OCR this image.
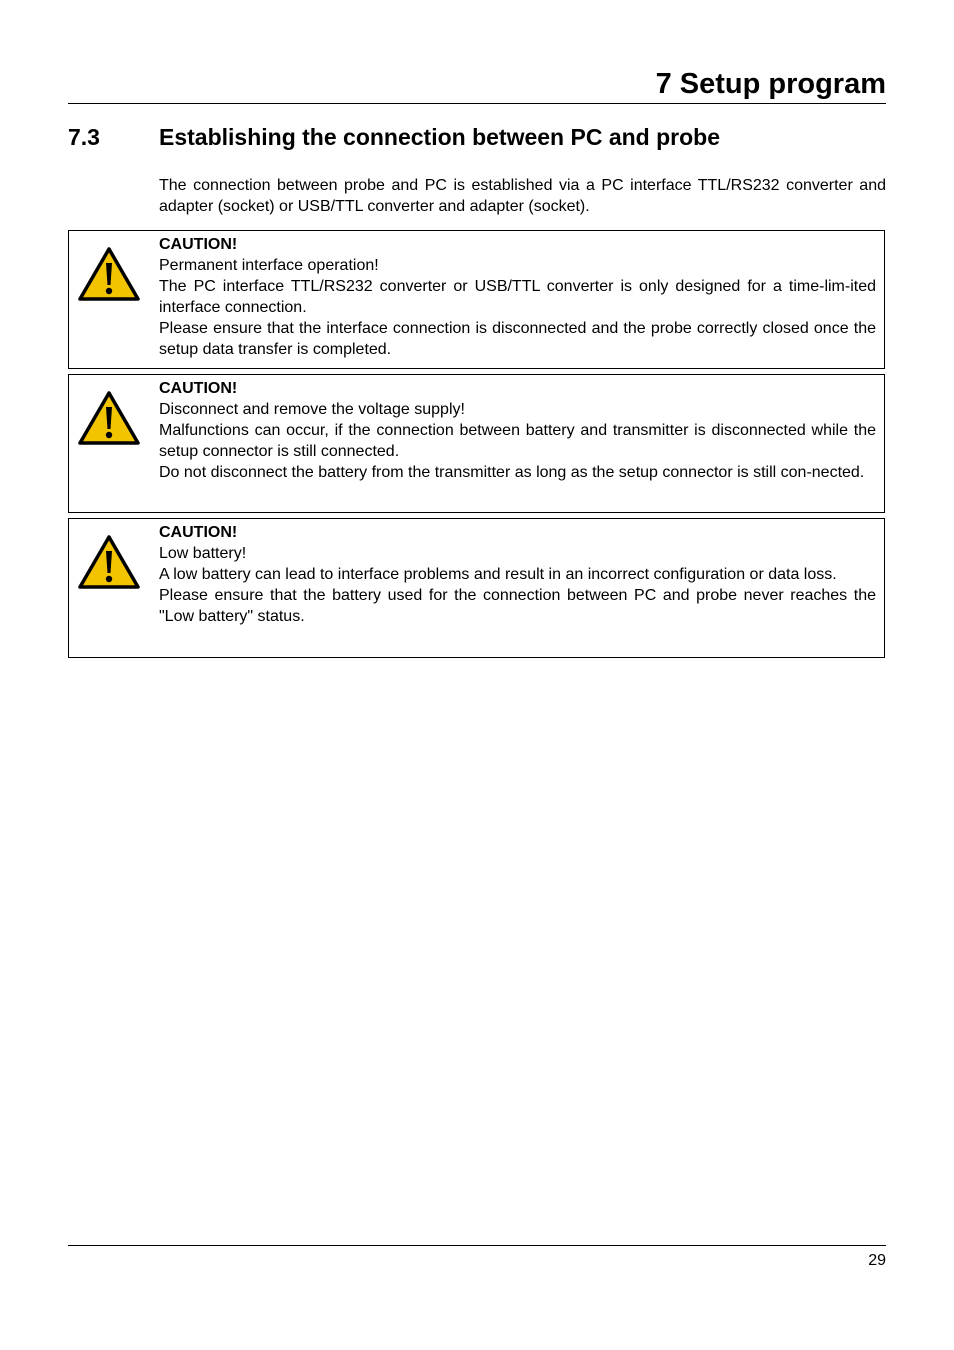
7 Setup program
7.3	Establishing the connection between PC and probe

The connection between probe and PC is established via a PC interface TTL/RS232 converter and adapter (socket) or USB/TTL converter and adapter (socket).

CAUTION!

Permanent interface operation!

The PC interface TTL/RS232 converter or USB/TTL converter is only designed for a time-lim-ited interface connection.

Please ensure that the interface connection is disconnected and the probe correctly closed once the setup data transfer is completed.

CAUTION!

Disconnect and remove the voltage supply!

Malfunctions can occur, if the connection between battery and transmitter is disconnected while the setup connector is still connected.

Do not disconnect the battery from the transmitter as long as the setup connector is still con-nected.

CAUTION!

Low battery!

A low battery can lead to interface problems and result in an incorrect configuration or data loss.

Please ensure that the battery used for the connection between PC and probe never reaches the "Low battery" status.

29
